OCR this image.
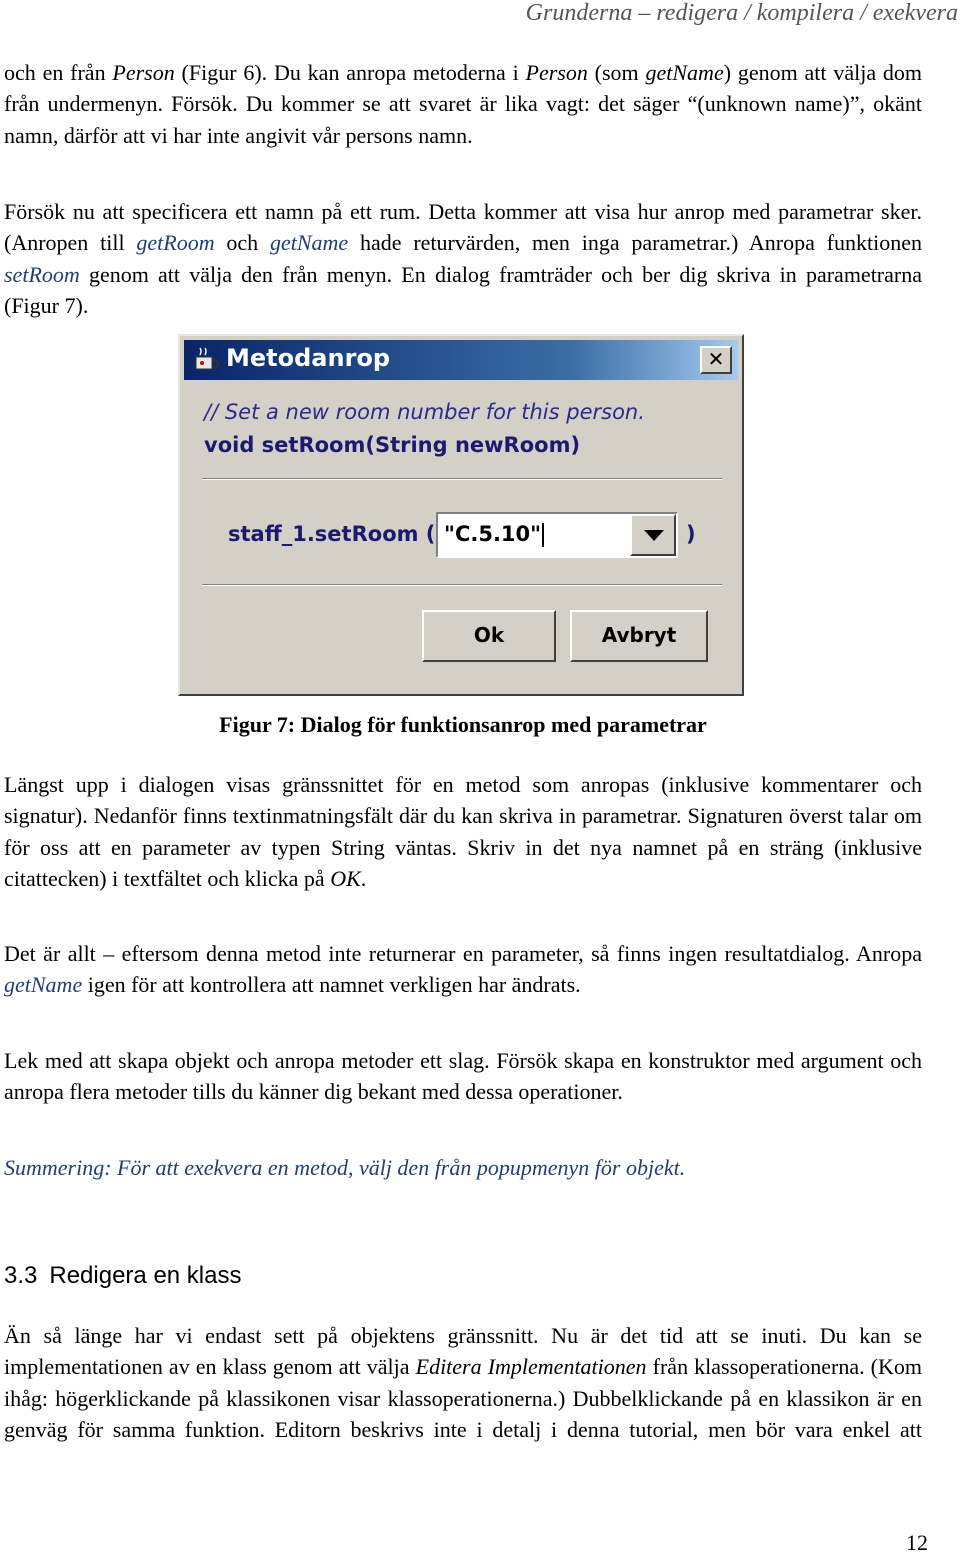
Grunderna – redigera / kompilera / exekvera
och en från Person (Figur 6). Du kan anropa metoderna i Person (som getName) genom att välja dom från undermenyn. Försök. Du kommer se att svaret är lika vagt: det säger “(unknown name)”, okänt namn, därför att vi har inte angivit vår persons namn.
Försök nu att specificera ett namn på ett rum. Detta kommer att visa hur anrop med parametrar sker. (Anropen till getRoom och getName hade returvärden, men inga parametrar.) Anropa funktionen setRoom genom att välja den från menyn. En dialog framträder och ber dig skriva in parametrarna (Figur 7).
Metodanrop	✕
// Set a new room number for this person.
void setRoom(String newRoom)
staff_1.setRoom ( "C.5.10"	)
Ok	Avbryt
Figur 7: Dialog för funktionsanrop med parametrar
Längst upp i dialogen visas gränssnittet för en metod som anropas (inklusive kommentarer och signatur). Nedanför finns textinmatningsfält där du kan skriva in parametrar. Signaturen överst talar om för oss att en parameter av typen String väntas. Skriv in det nya namnet på en sträng (inklusive citattecken) i textfältet och klicka på OK.
Det är allt – eftersom denna metod inte returnerar en parameter, så finns ingen resultatdialog. Anropa getName igen för att kontrollera att namnet verkligen har ändrats.
Lek med att skapa objekt och anropa metoder ett slag. Försök skapa en konstruktor med argument och anropa flera metoder tills du känner dig bekant med dessa operationer.
Summering: För att exekvera en metod, välj den från popupmenyn för objekt.
3.3 Redigera en klass
Än så länge har vi endast sett på objektens gränssnitt. Nu är det tid att se inuti. Du kan se implementationen av en klass genom att välja Editera Implementationen från klassoperationerna. (Kom ihåg: högerklickande på klassikonen visar klassoperationerna.) Dubbelklickande på en klassikon är en genväg för samma funktion. Editorn beskrivs inte i detalj i denna tutorial, men bör vara enkel att
12
